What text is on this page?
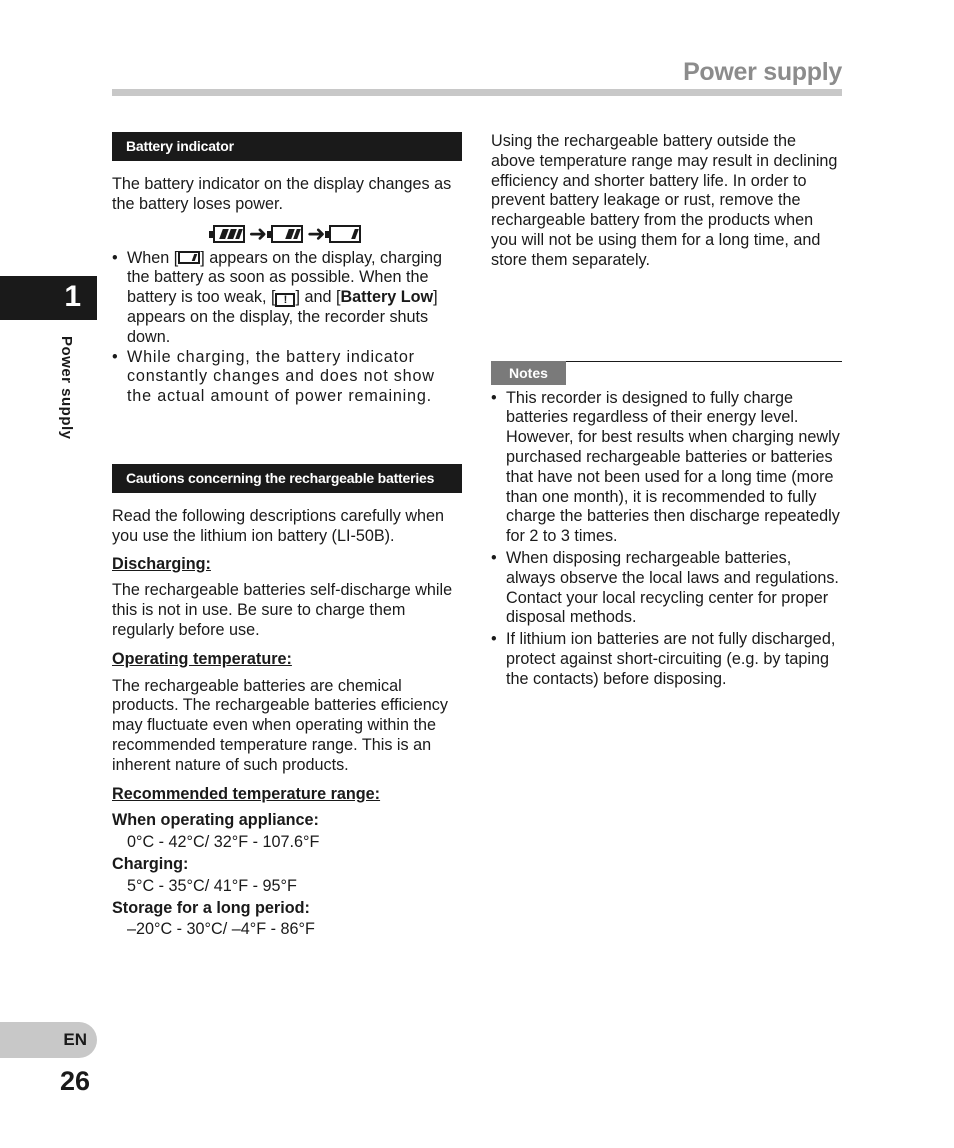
Power supply
1
Power supply
EN
26
Battery indicator

The battery indicator on the display changes as the battery loses power.

➜ ➜
• When [ ] appears on the display, charging the battery as soon as possible. When the battery is too weak, [ ! ] and [Battery Low] appears on the display, the recorder shuts down.
• While charging, the battery indicator constantly changes and does not show the actual amount of power remaining.
Cautions concerning the rechargeable batteries

Read the following descriptions carefully when you use the lithium ion battery (LI-50B).

Discharging:

The rechargeable batteries self-discharge while this is not in use. Be sure to charge them regularly before use.

Operating temperature:

The rechargeable batteries are chemical products. The rechargeable batteries efficiency may fluctuate even when operating within the recommended temperature range. This is an inherent nature of such products.

Recommended temperature range:

When operating appliance:

0°C - 42°C/ 32°F - 107.6°F

Charging:

5°C - 35°C/ 41°F - 95°F

Storage for a long period:

–20°C - 30°C/ –4°F - 86°F

Using the rechargeable battery outside the above temperature range may result in declining efficiency and shorter battery life. In order to prevent battery leakage or rust, remove the rechargeable battery from the products when you will not be using them for a long time, and store them separately.

Notes
• This recorder is designed to fully charge batteries regardless of their energy level. However, for best results when charging newly purchased rechargeable batteries or batteries that have not been used for a long time (more than one month), it is recommended to fully charge the batteries then discharge repeatedly for 2 to 3 times.
• When disposing rechargeable batteries, always observe the local laws and regulations. Contact your local recycling center for proper disposal methods.
• If lithium ion batteries are not fully discharged, protect against short-circuiting (e.g. by taping the contacts) before disposing.
